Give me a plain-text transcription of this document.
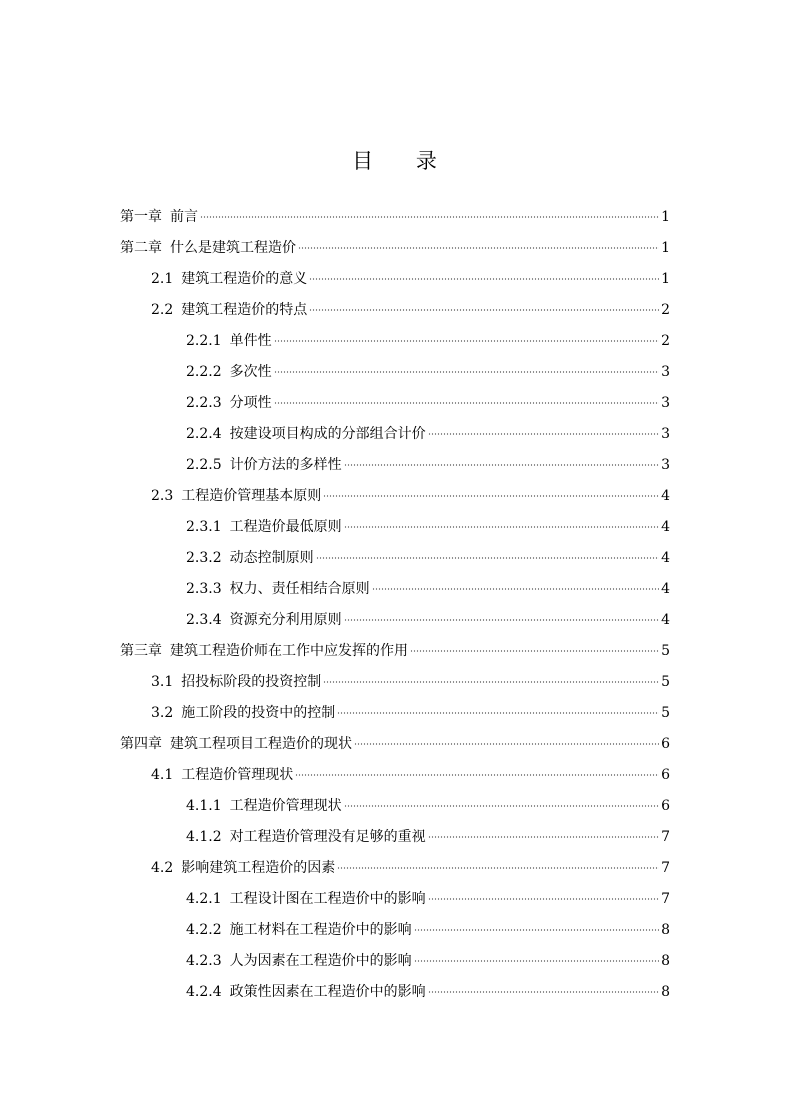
目 录
第一章 前言	1
第二章 什么是建筑工程造价	1
2.1 建筑工程造价的意义	1
2.2 建筑工程造价的特点	2
2.2.1 单件性	2
2.2.2 多次性	3
2.2.3 分项性	3
2.2.4 按建设项目构成的分部组合计价	3
2.2.5 计价方法的多样性	3
2.3 工程造价管理基本原则	4
2.3.1 工程造价最低原则	4
2.3.2 动态控制原则	4
2.3.3 权力、责任相结合原则	4
2.3.4 资源充分利用原则	4
第三章 建筑工程造价师在工作中应发挥的作用	5
3.1 招投标阶段的投资控制	5
3.2 施工阶段的投资中的控制	5
第四章 建筑工程项目工程造价的现状	6
4.1 工程造价管理现状	6
4.1.1 工程造价管理现状	6
4.1.2 对工程造价管理没有足够的重视	7
4.2 影响建筑工程造价的因素	7
4.2.1 工程设计图在工程造价中的影响	7
4.2.2 施工材料在工程造价中的影响	8
4.2.3 人为因素在工程造价中的影响	8
4.2.4 政策性因素在工程造价中的影响	8
